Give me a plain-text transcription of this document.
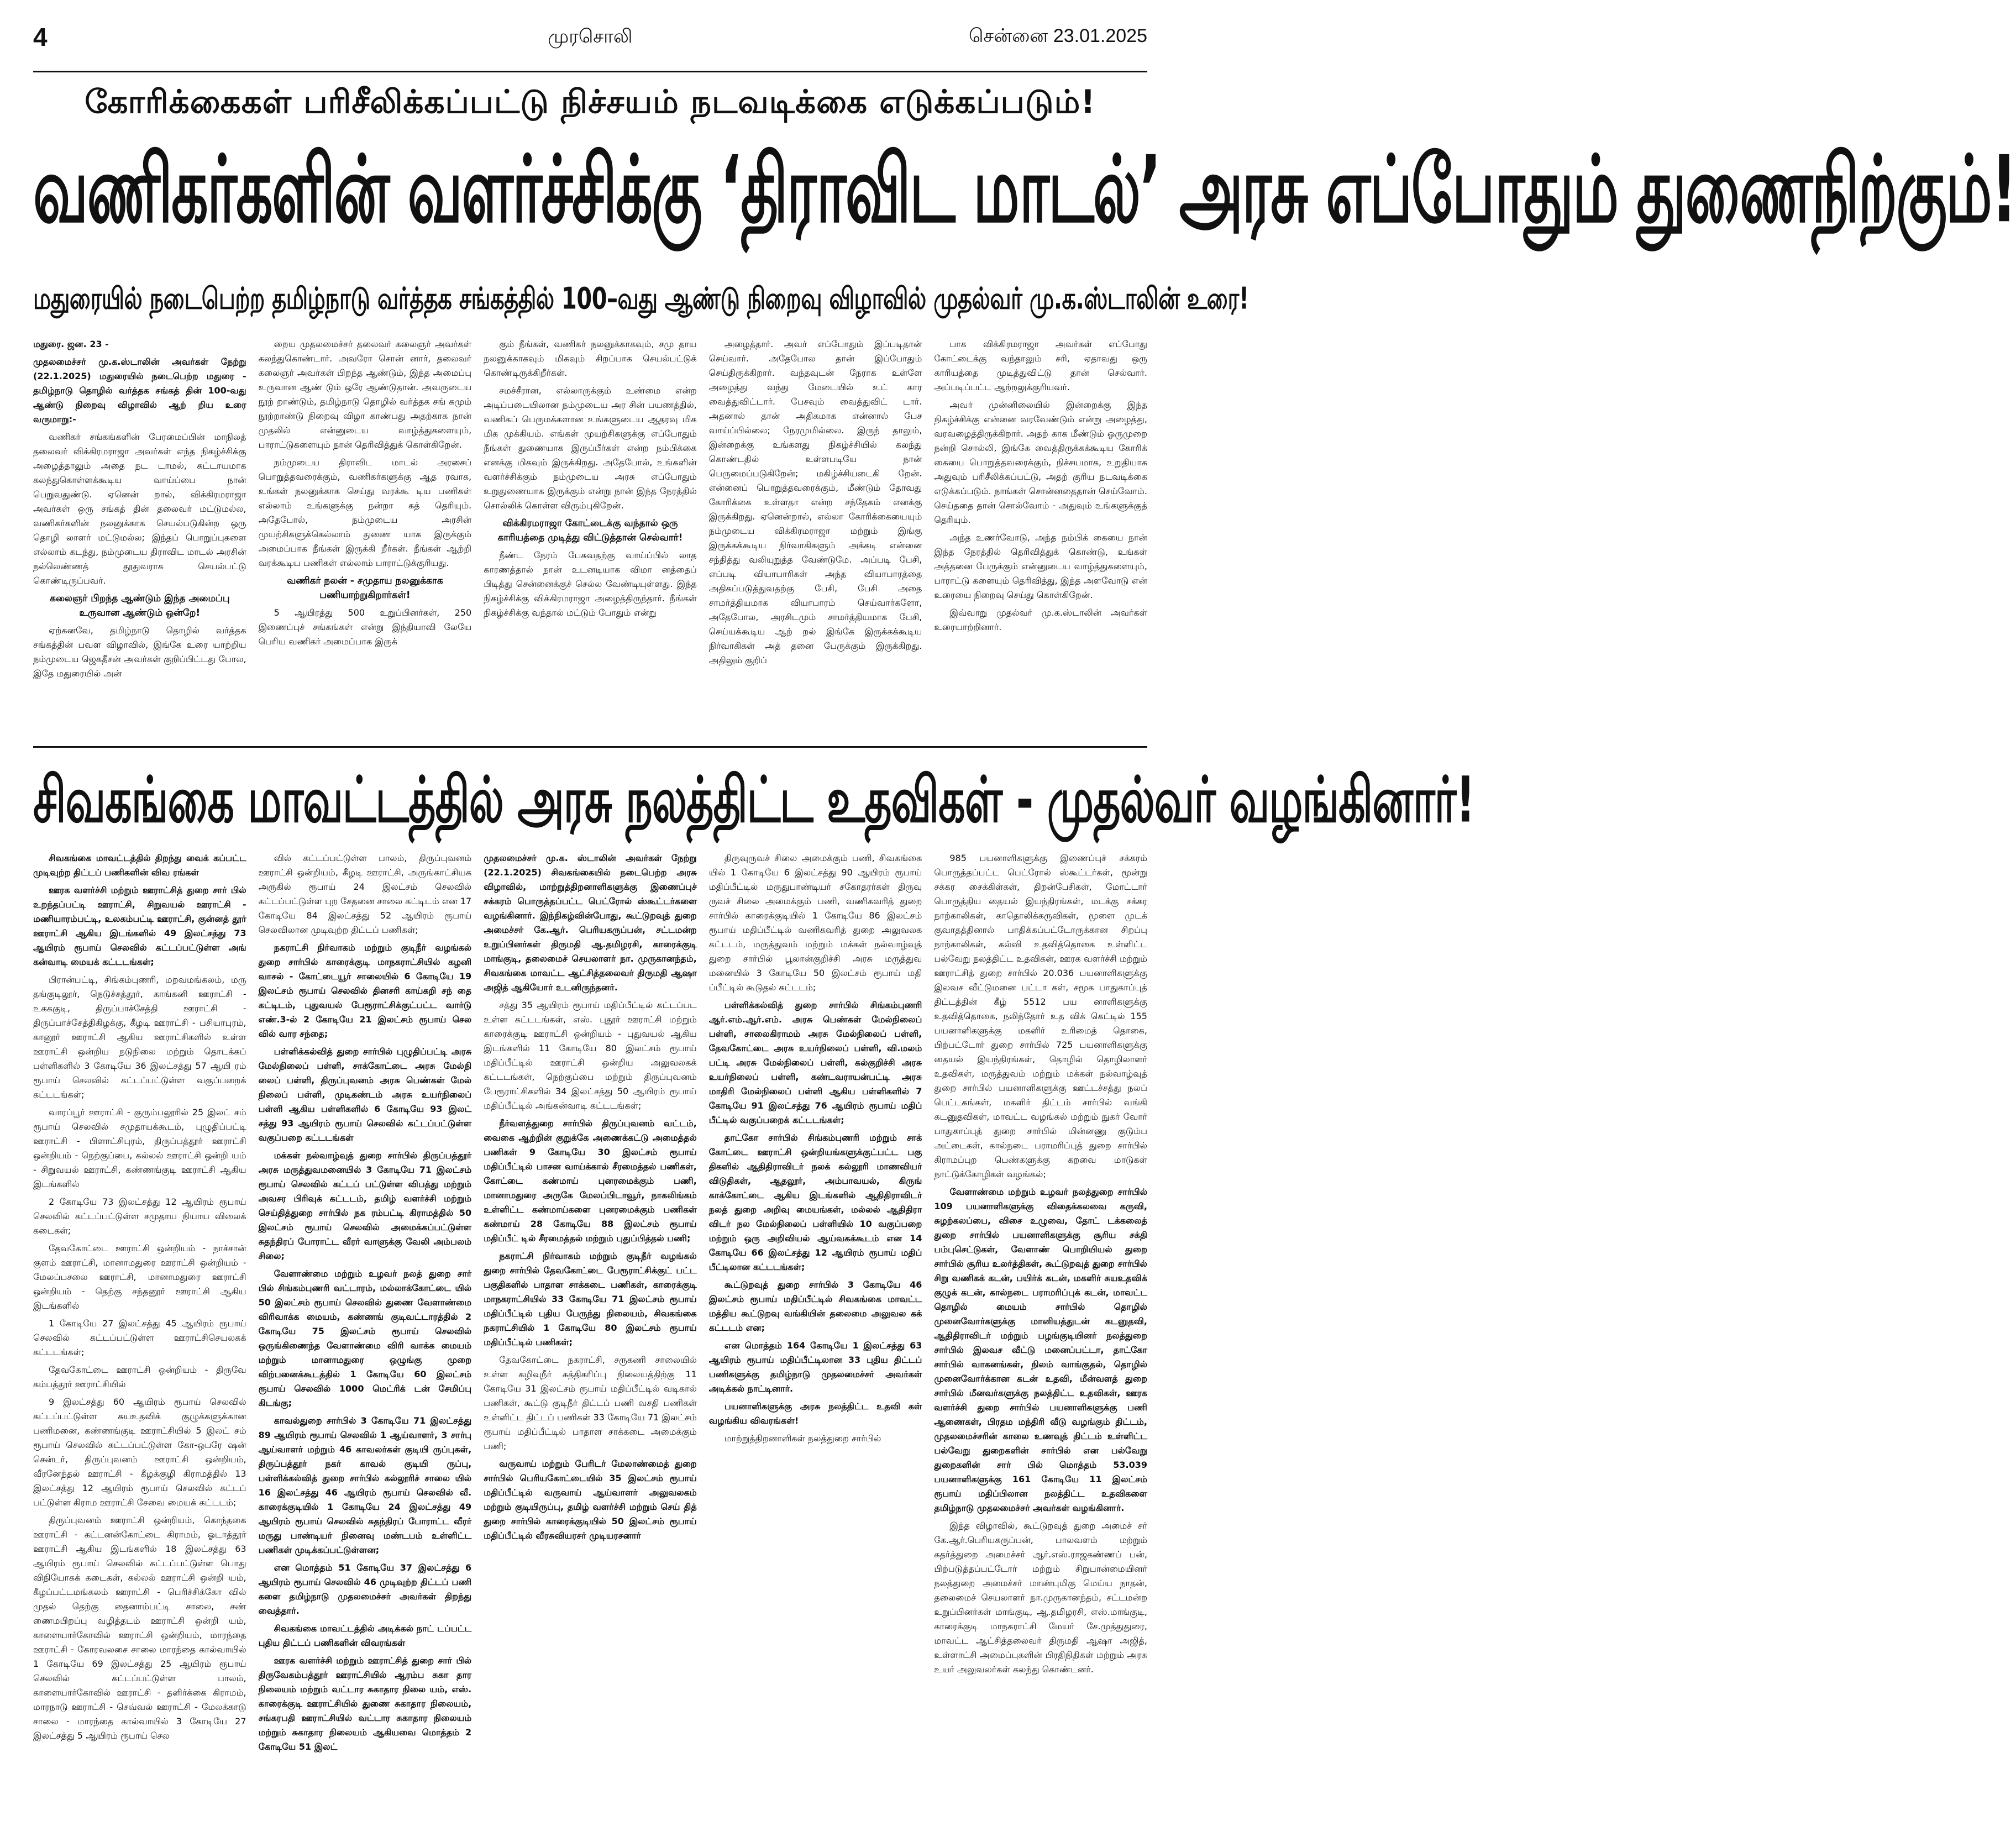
4	முரசொலி	சென்னை 23.01.2025
கோரிக்கைகள் பரிசீலிக்கப்பட்டு நிச்சயம் நடவடிக்கை எடுக்கப்படும்!
வணிகர்களின் வளர்ச்சிக்கு ‘திராவிட மாடல்’ அரசு எப்போதும் துணைநிற்கும்!
மதுரையில் நடைபெற்ற தமிழ்நாடு வர்த்தக சங்கத்தில் 100–வது ஆண்டு நிறைவு விழாவில் முதல்வர் மு.க.ஸ்டாலின் உரை!

மதுரை. ஜன. 23 -

முதலமைச்சர் மு.க.ஸ்டாலின் அவர்கள் நேற்று (22.1.2025) மதுரையில் நடைபெற்ற மதுரை - தமிழ்நாடு தொழில் வர்த்தக சங்கத் தின் 100-வது ஆண்டு நிறைவு விழாவில் ஆற் றிய உரை வருமாறு:-

வணிகர் சங்கங்களின் பேரமைப்பின் மாநிலத் தலைவர் விக்கிரமராஜா அவர்கள் எந்த நிகழ்ச்சிக்கு அழைத்தாலும் அதை நட டாமல், கட்டாயமாக கலந்துகொள்ளக்கூடிய வாய்ப்பை நான் பெறுவதுண்டு. ஏனென் றால், விக்கிரமராஜா அவர்கள் ஒரு சங்கத் தின் தலைவர் மட்டுமல்ல, வணிகர்களின் நலனுக்காக செயல்படுகின்ற ஒரு தொழி லாளர் மட்டுமல்ல; இந்தப் பொறுப்புகளை எல்லாம் கடந்து, நம்முடைய திராவிட மாடல் அரசின் நல்லெண்ணத் தூதுவராக செயல்பட்டு கொண்டிருப்பவர்.

கலைஞர் பிறந்த ஆண்டும் இந்த அமைப்பு உருவான ஆண்டும் ஒன்றே!

ஏற்கனவே, தமிழ்நாடு தொழில் வர்த்தக சங்கத்தின் பவள விழாவில், இங்கே உரை யாற்றிய நம்முடைய ஜெகதீசன் அவர்கள் குறிப்பிட்டது போல, இதே மதுரையில் அன்

றைய முதலமைச்சர் தலைவர் கலைஞர் அவர்கள் கலந்துகொண்டார். அவரோ சொன் னார், தலைவர் கலைஞர் அவர்கள் பிறந்த ஆண்டும், இந்த அமைப்பு உருவான ஆண் டும் ஒரே ஆண்டுதான். அவருடைய நூற் றாண்டும், தமிழ்நாடு தொழில் வர்த்தக சங் கமும் நூற்றாண்டு நிறைவு விழா காண்பது அதற்காக நான் முதலில் என்னுடைய வாழ்த்துகளையும், பாராட்டுகளையும் நான் தெரிவித்துக் கொள்கிறேன்.

நம்முடைய திராவிட மாடல் அரசைப் பொறுத்தவரைக்கும், வணிகர்களுக்கு ஆத ரவாக, உங்கள் நலனுக்காக செய்து வரக்கூ டிய பணிகள் எல்லாம் உங்களுக்கு நன்றா கத் தெரியும். அதேபோல், நம்முடைய அரசின் முயற்சிகளுக்கெல்லாம் துணை யாக இருக்கும் அமைப்பாக நீங்கள் இருக்கி றீர்கள். நீங்கள் ஆற்றி வரக்கூடிய பணிகள் எல்லாம் பாராட்டுக்குரியது.

வணிகர் நலன் - சமுதாய நலனுக்காக பணியாற்றுகிறார்கள்!

5 ஆயிரத்து 500 உறுப்பினர்கள், 250 இணைப்புச் சங்கங்கள் என்று இந்தியாவி லேயே பெரிய வணிகர் அமைப்பாக இருக்

கும் நீங்கள், வணிகர் நலனுக்காகவும், சமு தாய நலனுக்காகவும் மிகவும் சிறப்பாக செயல்பட்டுக் கொண்டிருக்கிறீர்கள்.

சமச்சீரான, எல்லாருக்கும் உண்மை என்ற அடிப்படையிலான நம்முடைய அர சின் பயணத்தில், வணிகப் பெருமக்களான உங்களுடைய ஆதரவு மிக மிக முக்கியம். எங்கள் முயற்சிகளுக்கு எப்போதும் நீங்கள் துணையாக இருப்பீர்கள் என்ற நம்பிக்கை எனக்கு மிகவும் இருக்கிறது. அதேபோல், உங்களின் வளர்ச்சிக்கும் நம்முடைய அரசு எப்போதும் உறுதுணையாக இருக்கும் என்று நான் இந்த நேரத்தில் சொல்லிக் கொள்ள விரும்புகிறேன்.

விக்கிரமராஜா கோட்டைக்கு வந்தால் ஒரு காரியத்தை முடித்து விட்டுத்தான் செல்வார்!

நீண்ட நேரம் பேசுவதற்கு வாய்ப்பில் லாத காரணத்தால் நான் உடனடியாக விமா னத்தைப் பிடித்து சென்னைக்குச் செல்ல வேண்டியுள்ளது. இந்த நிகழ்ச்சிக்கு விக்கிரமராஜா அழைத்திருந்தார். நீங்கள் நிகழ்ச்சிக்கு வந்தால் மட்டும் போதும் என்று

அழைத்தார். அவர் எப்போதும் இப்படிதான் செய்வார். அதேபோல தான் இப்போதும் செய்திருக்கிறார். வந்தவுடன் நேராக உள்ளே அழைத்து வந்து மேடையில் உட் கார வைத்துவிட்டார். பேசவும் வைத்துவிட் டார். அதனால் தான் அதிகமாக என்னால் பேச வாய்ப்பில்லை; நேரமுமில்லை. இருந் தாலும், இன்றைக்கு உங்களது நிகழ்ச்சியில் கலந்து கொண்டதில் உள்ளபடியே நான் பெருமைப்படுகிறேன்; மகிழ்ச்சியடைகி றேன். என்னைப் பொறுத்தவரைக்கும், மீண்டும் தோவது கோரிக்கை உள்ளதா என்ற சந்தேகம் எனக்கு இருக்கிறது. ஏனென்றால், எல்லா கோரிக்கையையும் நம்முடைய விக்கிரமராஜா மற்றும் இங்கு இருக்கக்கூடிய நிர்வாகிகளும் அக்கடி என்னை சந்தித்து வலியுறுத்த வேண்டுமே. அப்படி பேசி, எப்படி வியாபாரிகள் அந்த வியாபாரத்தை அதிகப்படுத்துவதற்கு பேசி, பேசி அதை சாமர்த்தியமாக வியாபாரம் செய்வார்களோ, அதேபோல, அரசிடமும் சாமர்த்தியமாக பேசி, செய்யக்கூடிய ஆற் றல் இங்கே இருக்கக்கூடிய நிர்வாகிகள் அத் தனை பேருக்கும் இருக்கிறது. அதிலும் குறிப்

பாக விக்கிரமராஜா அவர்கள் எப்போது கோட்டைக்கு வந்தாலும் சரி, ஏதாவது ஒரு காரியத்தை முடித்துவிட்டு தான் செல்வார். அப்படிப்பட்ட ஆற்றலுக்குரியவர்.

அவர் முன்னிலையில் இன்றைக்கு இந்த நிகழ்ச்சிக்கு என்னை வரவேண்டும் என்று அழைத்து, வரவழைத்திருக்கிறார். அதற் காக மீண்டும் ஒருமுறை நன்றி சொல்லி, இங்கே வைத்திருக்கக்கூடிய கோரிக் கையை பொறுத்தவரைக்கும், நிச்சயமாக, உறுதியாக அதுவும் பரிசீலிக்கப்பட்டு, அதற் குரிய நடவடிக்கை எடுக்கப்படும். நாங்கள் சொன்னதைதான் செய்வோம். செய்ததை தான் சொல்வோம் - அதுவும் உங்களுக்குத் தெரியும்.

அந்த உணர்வோடு, அந்த நம்பிக் கையை நான் இந்த நேரத்தில் தெரிவித்துக் கொண்டு, உங்கள் அத்தனை பேருக்கும் என்னுடைய வாழ்த்துகளையும், பாராட்டு களையும் தெரிவித்து, இந்த அளவோடு என் உரையை நிறைவு செய்து கொள்கிறேன்.

இவ்வாறு முதல்வர் மு.க.ஸ்டாலின் அவர்கள் உரையாற்றினார்.

சிவகங்கை மாவட்டத்தில் அரசு நலத்திட்ட உதவிகள் - முதல்வர் வழங்கினார்!

சிவகங்கை மாவட்டத்தில் திறந்து வைக் கப்பட்ட முடிவுற்ற திட்டப் பணிகளின் விவ ரங்கள்

ஊரக வளர்ச்சி மற்றும் ஊராட்சித் துறை சார் பில் உறந்தப்பட்டி ஊராட்சி, சிறுவயல் ஊராட்சி - மணியாரம்பட்டி, உலகம்பட்டி ஊராட்சி, குன்னத் தூர் ஊராட்சி ஆகிய இடங்களில் 49 இலட்சத்து 73 ஆயிரம் ரூபாய் செலவில் கட்டப்பட்டுள்ள அங் கன்வாடி மையக் கட்டடங்கள்;

பிரான்பட்டி, சிங்கம்புணரி, மறவமங்கலம், மரு தங்குடிலூர், நெடுச்சத்தூர், காங்கனி ஊராட்சி - உகககுடி, திருப்பாச்சேத்தி ஊராட்சி - திருப்பாச்சேத்திகிழக்கு, கீழடி ஊராட்சி - பசியாபுரம், கானூர் ஊராட்சி ஆகிய ஊராட்சிகளில் உள்ள ஊராட்சி ஒன்றிய நடுநிலை மற்றும் தொடக்கப் பள்ளிகளில் 3 கோடியே 36 இலட்சத்து 57 ஆயி ரம் ரூபாய் செலவில் கட்டப்பட்டுள்ள வகுப்பறைக் கட்டடங்கள்;

வாரப்பூர் ஊராட்சி - குரும்பலூரில் 25 இலட் சம் ரூபாய் செலவில் சமுதாயக்கூடம், புழுதிப்பட்டி ஊராட்சி - பிளாட்சிபுரம், திருப்பத்தூர் ஊராட்சி ஒன்றியம் - நெற்குப்பை, கல்லல் ஊராட்சி ஒன்றி யம் - சிறுவயல் ஊராட்சி, கண்ணங்குடி ஊராட்சி ஆகிய இடங்களில்

2 கோடியே 73 இலட்சத்து 12 ஆயிரம் ரூபாய் செலவில் கட்டப்பட்டுள்ள சமுதாய நியாய விலைக் கடைகள்;

தேவகோட்டை ஊராட்சி ஒன்றியம் - நாச்சான் குளம் ஊராட்சி, மானாமதுரை ஊராட்சி ஒன்றியம் - மேலப்பசலை ஊராட்சி, மானாமதுரை ஊராட்சி ஒன்றியம் - தெற்கு சந்தனூர் ஊராட்சி ஆகிய இடங்களில்

1 கோடியே 27 இலட்சத்து 45 ஆயிரம் ரூபாய் செலவில் கட்டப்பட்டுள்ள ஊராட்சிசெயலகக் கட்டடங்கள்;

தேவகோட்டை ஊராட்சி ஒன்றியம் - திருவே கம்பத்தூர் ஊராட்சியில்

9 இலட்சத்து 60 ஆயிரம் ரூபாய் செலவில் கட்டப்பட்டுள்ள சுயஉதவிக் குழுக்களுக்கான பணிமனை, கண்ணங்குடி ஊராட்சியில் 5 இலட் சம் ரூபாய் செலவில் கட்டப்பட்டுள்ள கோ-ஒபரே ஷன் சென்டர், திருப்புவனம் ஊராட்சி ஒன்றியம், வீரனேந்தல் ஊராட்சி - கீழக்குழி கிராமத்தில் 13 இலட்சத்து 12 ஆயிரம் ரூபாய் செலவில் கட்டப் பட்டுள்ள கிராம ஊராட்சி சேவை மையக் கட்டடம்;

திருப்புவனம் ஊராட்சி ஒன்றியம், கொந்தகை ஊராட்சி - கட்டனன்கோட்டை கிராமம், ஓடாத்தூர் ஊராட்சி ஆகிய இடங்களில் 18 இலட்சத்து 63 ஆயிரம் ரூபாய் செலவில் கட்டப்பட்டுள்ள பொது விநியோகக் கடைகள், கல்லல் ஊராட்சி ஒன்றி யம், கீழப்பட்டமங்கலம் ஊராட்சி - பெரிச்சிக்கோ வில் முதல் தெற்கு தைனாம்பட்டி சாலை, சண் ணைமபிறப்பு வழித்தடம் ஊராட்சி ஒன்றி யம், காளையார்கோவில் ஊராட்சி ஒன்றியம், மாரந்தை ஊராட்சி - கோரவலசை சாலை மாரந்தை கால்வாயில் 1 கோடியே 69 இலட்சத்து 25 ஆயிரம் ரூபாய் செலவில் கட்டப்பட்டுள்ள பாலம், காளையார்கோவில் ஊராட்சி - தளிர்க்கை கிராமம், மாரநாடு ஊராட்சி - செவ்வல் ஊராட்சி - மேலக்காடு சாலை - மாரந்தை கால்வாயில் 3 கோடியே 27 இலட்சத்து 5 ஆயிரம் ரூபாய் செல

வில் கட்டப்பட்டுள்ள பாலம், திருப்புவனம் ஊராட்சி ஒன்றியம், கீழடி ஊராட்சி, அருங்காட்சியக அருகில் ரூபாய் 24 இலட்சம் செலவில் கட்டப்பட்டுள்ள புற சேதனை சாலை கட்டிடம் என 17 கோடியே 84 இலட்சத்து 52 ஆயிரம் ரூபாய் செலவிலான முடிவுற்ற திட்டப் பணிகள்;

நகராட்சி நிர்வாகம் மற்றும் குடிநீர் வழங்கல் துறை சார்பில் காரைக்குடி மாநகராட்சியில் கழனி வாசல் - கோட்டையூர் சாலையில் 6 கோடியே 19 இலட்சம் ரூபாய் செலவில் தினசரி காய்கறி சந் தை கட்டிடம், புதுவயல் பேரூராட்சிக்குட்பட்ட வார்டு எண்.3-ல் 2 கோடியே 21 இலட்சம் ரூபாய் செல வில் வார சந்தை;

பள்ளிக்கல்வித் துறை சார்பில் புழுதிப்பட்டி அரசு மேல்நிலைப் பள்ளி, சாக்கோட்டை அரசு மேல்நி லைப் பள்ளி, திருப்புவனம் அரசு பெண்கள் மேல் நிலைப் பள்ளி, முடிகண்டம் அரசு உயர்நிலைப் பள்ளி ஆகிய பள்ளிகளில் 6 கோடியே 93 இலட் சத்து 93 ஆயிரம் ரூபாய் செலவில் கட்டப்பட்டுள்ள வகுப்பறை கட்டடங்கள்

மக்கள் நல்வாழ்வுத் துறை சார்பில் திருப்பத்தூர் அரசு மருத்துவமனையில் 3 கோடியே 71 இலட்சம் ரூபாய் செலவில் கட்டப் பட்டுள்ள விபத்து மற்றும் அவசர பிரிவுக் கட்டடம், தமிழ் வளர்ச்சி மற்றும் செய்தித்துறை சார்பில் நக ரம்பட்டி கிராமத்தில் 50 இலட்சம் ரூபாய் செலவில் அமைக்கப்பட்டுள்ள சுதந்திரப் போராட்ட வீரர் வாளுக்கு வேலி அம்பலம் சிலை;

வேளாண்மை மற்றும் உழவர் நலத் துறை சார் பில் சிங்கம்புணரி வட்டாரம், மல்லாக்கோட்டை யில் 50 இலட்சம் ரூபாய் செலவில் துணை வேளாண்மை விரிவாக்க மையம், கண்ணங் குடிவட்டாரத்தில் 2 கோடியே 75 இலட்சம் ரூபாய் செலவில் ஒருங்கிணைந்த வேளாண்மை விரி வாக்க மையம் மற்றும் மானாமதுரை ஒழுங்கு முறை விற்பனைக்கூடத்தில் 1 கோடியே 60 இலட்சம் ரூபாய் செலவில் 1000 மெட்ரிக் டன் சேமிப்பு கிடங்கு;

காவல்துறை சார்பில் 3 கோடியே 71 இலட்சத்து 89 ஆயிரம் ரூபாய் செலவில் 1 ஆய்வாளர், 3 சார்பு ஆய்வாளர் மற்றும் 46 காவலர்கள் குடியி ருப்புகள், திருப்பத்தூர் நகர் காவல் குடியி ருப்பு, பள்ளிக்கல்வித் துறை சார்பில் கல்லூரிச் சாலை யில் 16 இலட்சத்து 46 ஆயிரம் ரூபாய் செலவில் வீ. காரைக்குடியில் 1 கோடியே 24 இலட்சத்து 49 ஆயிரம் ரூபாய் செலவில் சுதந்திரப் போராட்ட வீரர் மருது பாண்டியர் நினைவு மண்டபம் உள்ளிட்ட பணிகள் முடிக்கப்பட்டுள்ளன;

என மொத்தம் 51 கோடியே 37 இலட்சத்து 6 ஆயிரம் ரூபாய் செலவில் 46 முடிவுற்ற திட்டப் பணி களை தமிழ்நாடு முதலமைச்சர் அவர்கள் திறந்து வைத்தார்.

சிவகங்கை மாவட்டத்தில் அடிக்கல் நாட் டப்பட்ட புதிய திட்டப் பணிகளின் விவரங்கள்

ஊரக வளர்ச்சி மற்றும் ஊராட்சித் துறை சார் பில் திருவேகம்பத்தூர் ஊராட்சியில் ஆரம்ப சுகா தார நிலையம் மற்றும் வட்டார சுகாதார நிலை யம், எஸ். காரைக்குடி ஊராட்சியில் துணை சுகாதார நிலையம், சங்கரபதி ஊராட்சியில் வட்டார சுகாதார நிலையம் மற்றும் சுகாதார நிலையம் ஆகியவை மொத்தம் 2 கோடியே 51 இலட்

முதலமைச்சர் மு.க. ஸ்டாலின் அவர்கள் நேற்று (22.1.2025) சிவகங்கையில் நடைபெற்ற அரசு விழாவில், மாற்றுத்திறனாளிகளுக்கு இணைப்புச் சக்கரம் பொருத்தப்பட்ட பெட்ரோல் ஸ்கூட்டர்களை வழங்கினார். இந்நிகழ்வின்போது, கூட்டுறவுத் துறை அமைச்சர் கே.ஆர். பெரியகருப்பன், சட்டமன்ற உறுப்பினர்கள் திருமதி ஆ.தமிழரசி, காரைக்குடி மாங்குடி, தலைமைச் செயலாளர் நா. முருகானந்தம், சிவகங்கை மாவட்ட ஆட்சித்தலைவர் திருமதி ஆஷா அஜித் ஆகியோர் உடனிருந்தனர்.

சத்து 35 ஆயிரம் ரூபாய் மதிப்பீட்டில் கட்டப்பட உள்ள கட்டடங்கள், எஸ். புதூர் ஊராட்சி மற்றும் காரைக்குடி ஊராட்சி ஒன்றியம் - புதுவயல் ஆகிய இடங்களில் 11 கோடியே 80 இலட்சம் ரூபாய் மதிப்பீட்டில் ஊராட்சி ஒன்றிய அலுவலகக் கட்டடங்கள், நெற்குப்பை மற்றும் திருப்புவனம் பேரூராட்சிகளில் 34 இலட்சத்து 50 ஆயிரம் ரூபாய் மதிப்பீட்டில் அங்கன்வாடி கட்டடங்கள்;

நீர்வளத்துறை சார்பில் திருப்புவனம் வட்டம், வைகை ஆற்றின் குறுக்கே அணைக்கட்டு அமைத்தல் பணிகள் 9 கோடியே 30 இலட்சம் ரூபாய் மதிப்பீட்டில் பாசன வாய்க்கால் சீரமைத்தல் பணிகள், கோட்டை கண்மாய் புனரமைக்கும் பணி, மானாமதுரை அருகே மேலப்பிடாவூர், நாகலிங்கம் உள்ளிட்ட கண்மாய்களை புனரமைக்கும் பணிகள் கண்மாய் 28 கோடியே 88 இலட்சம் ரூபாய் மதிப்பீட் டில் சீரமைத்தல் மற்றும் புதுப்பித்தல் பணி;

நகராட்சி நிர்வாகம் மற்றும் குடிநீர் வழங்கல் துறை சார்பில் தேவகோட்டை பேரூராட்சிக்குட் பட்ட பகுதிகளில் பாதாள சாக்கடை பணிகள், காரைக்குடி மாநகராட்சியில் 33 கோடியே 71 இலட்சம் ரூபாய் மதிப்பீட்டில் புதிய பேருந்து நிலையம், சிவகங்கை நகராட்சியில் 1 கோடியே 80 இலட்சம் ரூபாய் மதிப்பீட்டில் பணிகள்;

தேவகோட்டை நகராட்சி, சருகணி சாலையில் உள்ள கழிவுநீர் சுத்திகரிப்பு நிலையத்திற்கு 11 கோடியே 31 இலட்சம் ரூபாய் மதிப்பீட்டில் வடிகால் பணிகள், கூட்டு குடிநீர் திட்டப் பணி வசதி பணிகள் உள்ளிட்ட திட்டப் பணிகள் 33 கோடியே 71 இலட்சம் ரூபாய் மதிப்பீட்டில் பாதாள சாக்கடை அமைக்கும் பணி;

வருவாய் மற்றும் பேரிடர் மேலாண்மைத் துறை சார்பில் பெரியகோட்டையில் 35 இலட்சம் ரூபாய் மதிப்பீட்டில் வருவாய் ஆய்வாளர் அலுவலகம் மற்றும் குடியிருப்பு, தமிழ் வளர்ச்சி மற்றும் செய் தித் துறை சார்பில் காரைக்குடியில் 50 இலட்சம் ரூபாய் மதிப்பீட்டில் வீரசுவியரசர் முடியரசனார்

திருவுருவச் சிலை அமைக்கும் பணி, சிவகங்கை யில் 1 கோடியே 6 இலட்சத்து 90 ஆயிரம் ரூபாய் மதிப்பீட்டில் மருதுபாண்டியர் சகோதரர்கள் திருவு ருவச் சிலை அமைக்கும் பணி, வணிகவரித் துறை சார்பில் காரைக்குடியில் 1 கோடியே 86 இலட்சம் ரூபாய் மதிப்பீட்டில் வணிகவரித் துறை அலுவலக கட்டடம், மருத்துவம் மற்றும் மக்கள் நல்வாழ்வுத் துறை சார்பில் பூலான்குறிச்சி அரசு மருத்துவ மனையில் 3 கோடியே 50 இலட்சம் ரூபாய் மதி ப்பீட்டில் கூடுதல் கட்டடம்;

பள்ளிக்கல்வித் துறை சார்பில் சிங்கம்புணரி ஆர்.எம்.ஆர்.எம். அரசு பெண்கள் மேல்நிலைப் பள்ளி, சாலைகிராமம் அரசு மேல்நிலைப் பள்ளி, தேவகோட்டை அரசு உயர்நிலைப் பள்ளி, வி.மலம் பட்டி அரசு மேல்நிலைப் பள்ளி, கல்குறிச்சி அரசு உயர்நிலைப் பள்ளி, கண்டவராயன்பட்டி அரசு மாதிரி மேல்நிலைப் பள்ளி ஆகிய பள்ளிகளில் 7 கோடியே 91 இலட்சத்து 76 ஆயிரம் ரூபாய் மதிப் பீட்டில் வகுப்பறைக் கட்டடங்கள்;

தாட்கோ சார்பில் சிங்கம்புணரி மற்றும் சாக் கோட்டை ஊராட்சி ஒன்றியங்களுக்குட்பட்ட பகு திகளில் ஆதிதிராவிடர் நலக் கல்லூரி மாணவியர் விடுதிகள், ஆதலூர், அம்பாவயல், கிருங் காக்கோட்டை ஆகிய இடங்களில் ஆதிதிராவிடர் நலத் துறை அறிவு மையங்கள், மல்லல் ஆதிதிரா விடர் நல மேல்நிலைப் பள்ளியில் 10 வகுப்பறை மற்றும் ஒரு அறிவியல் ஆய்வகக்கூடம் என 14 கோடியே 66 இலட்சத்து 12 ஆயிரம் ரூபாய் மதிப் பீட்டிலான கட்டடங்கள்;

கூட்டுறவுத் துறை சார்பில் 3 கோடியே 46 இலட்சம் ரூபாய் மதிப்பீட்டில் சிவகங்கை மாவட்ட மத்திய கூட்டுறவு வங்கியின் தலைமை அலுவல கக் கட்டடம் என;

என மொத்தம் 164 கோடியே 1 இலட்சத்து 63 ஆயிரம் ரூபாய் மதிப்பீட்டிலான 33 புதிய திட்டப் பணிகளுக்கு தமிழ்நாடு முதலமைச்சர் அவர்கள் அடிக்கல் நாட்டினார்.

பயனாளிகளுக்கு அரசு நலத்திட்ட உதவி கள் வழங்கிய விவரங்கள்!

மாற்றுத்திறனாளிகள் நலத்துறை சார்பில்

985 பயனாளிகளுக்கு இணைப்புச் சக்கரம் பொருத்தப்பட்ட பெட்ரோல் ஸ்கூட்டர்கள், மூன்று சக்கர சைக்கிள்கள், திறன்பேசிகள், மோட்டார் பொருத்திய தையல் இயந்திரங்கள், மடக்கு சக்கர நாற்காலிகள், காதொலிக்கருவிகள், மூளை முடக் குவாதத்தினால் பாதிக்கப்பட்டோருக்கான சிறப்பு நாற்காலிகள், கல்வி உதவித்தொகை உள்ளிட்ட பல்வேறு நலத்திட்ட உதவிகள், ஊரக வளர்ச்சி மற்றும் ஊராட்சித் துறை சார்பில் 20.036 பயனாளிகளுக்கு இலவச வீட்டுமனை பட்டா கள், சமூக பாதுகாப்புத் திட்டத்தின் கீழ் 5512 பய னாளிகளுக்கு உதவித்தொகை, நலிந்தோர் உத விக் கெட்டில் 155 பயனாளிகளுக்கு மகளிர் உரிமைத் தொகை, பிற்பட்டோர் துறை சார்பில் 725 பயனாளிகளுக்கு தையல் இயந்திரங்கள், தொழில் தொழிலாளர் உதவிகள், மருத்துவம் மற்றும் மக்கள் நல்வாழ்வுத் துறை சார்பில் பயனாளிகளுக்கு ஊட்டச்சத்து நலப் பெட்டகங்கள், மகளிர் திட்டம் சார்பில் வங்கி கடனுதவிகள், மாவட்ட வழங்கல் மற்றும் நுகர் வோர் பாதுகாப்புத் துறை சார்பில் மின்னணு குடும்ப அட்டைகள், கால்நடை பராமரிப்புத் துறை சார்பில் கிராமப்புற பெண்களுக்கு கறவை மாடுகள் நாட்டுக்கோழிகள் வழங்கல்;

வேளாண்மை மற்றும் உழவர் நலத்துறை சார்பில் 109 பயனாளிகளுக்கு விதைக்கலவை கருவி, சுழற்கலப்பை, விசை உழுவை, தோட் டக்கலைத் துறை சார்பில் பயனாளிகளுக்கு சூரிய சக்தி பம்புசெட்டுகள், வேளாண் பொறியியல் துறை சார்பில் சூரிய உலர்த்திகள், கூட்டுறவுத் துறை சார்பில் சிறு வணிகக் கடன், பயிர்க் கடன், மகளிர் சுயஉதவிக் குழுக் கடன், கால்நடை பராமரிப்புக் கடன், மாவட்ட தொழில் மையம் சார்பில் தொழில் முனைவோர்களுக்கு மானியத்துடன் கடனுதவி, ஆதிதிராவிடர் மற்றும் பழங்குடியினர் நலத்துறை சார்பில் இலவச வீட்டு மனைப்பட்டா, தாட்கோ சார்பில் வாகனங்கள், நிலம் வாங்குதல், தொழில் முனைவோர்க்கான கடன் உதவி, மீன்வளத் துறை சார்பில் மீனவர்களுக்கு நலத்திட்ட உதவிகள், ஊரக வளர்ச்சி துறை சார்பில் பயனாளிகளுக்கு பணி ஆணைகள், பிரதம மந்திரி வீடு வழங்கும் திட்டம், முதலமைச்சரின் காலை உணவுத் திட்டம் உள்ளிட்ட பல்வேறு துறைகளின் சார்பில் என பல்வேறு துறைகளின் சார் பில் மொத்தம் 53.039 பயனாளிகளுக்கு 161 கோடியே 11 இலட்சம் ரூபாய் மதிப்பிலான நலத்திட்ட உதவிகளை தமிழ்நாடு முதலமைச்சர் அவர்கள் வழங்கினார்.

இந்த விழாவில், கூட்டுறவுத் துறை அமைச் சர் கே.ஆர்.பெரியகருப்பன், பாலவளம் மற்றும் கதர்த்துறை அமைச்சர் ஆர்.எஸ்.ராஜகண்ணப் பன், பிற்படுத்தப்பட்டோர் மற்றும் சிறுபான்மையினர் நலத்துறை அமைச்சர் மாண்புமிகு மெய்ய நாதன், தலைமைச் செயலாளர் நா.முருகானந்தம், சட்டமன்ற உறுப்பினர்கள் மாங்குடி, ஆ.தமிழரசி, எஸ்.மாங்குடி, காரைக்குடி மாநகராட்சி மேயர் சே.முத்துதுரை, மாவட்ட ஆட்சித்தலைவர் திருமதி ஆஷா அஜித், உள்ளாட்சி அமைப்புகளின் பிரதிநிதிகள் மற்றும் அரசு உயர் அலுவலர்கள் கலந்து கொண்டனர்.
